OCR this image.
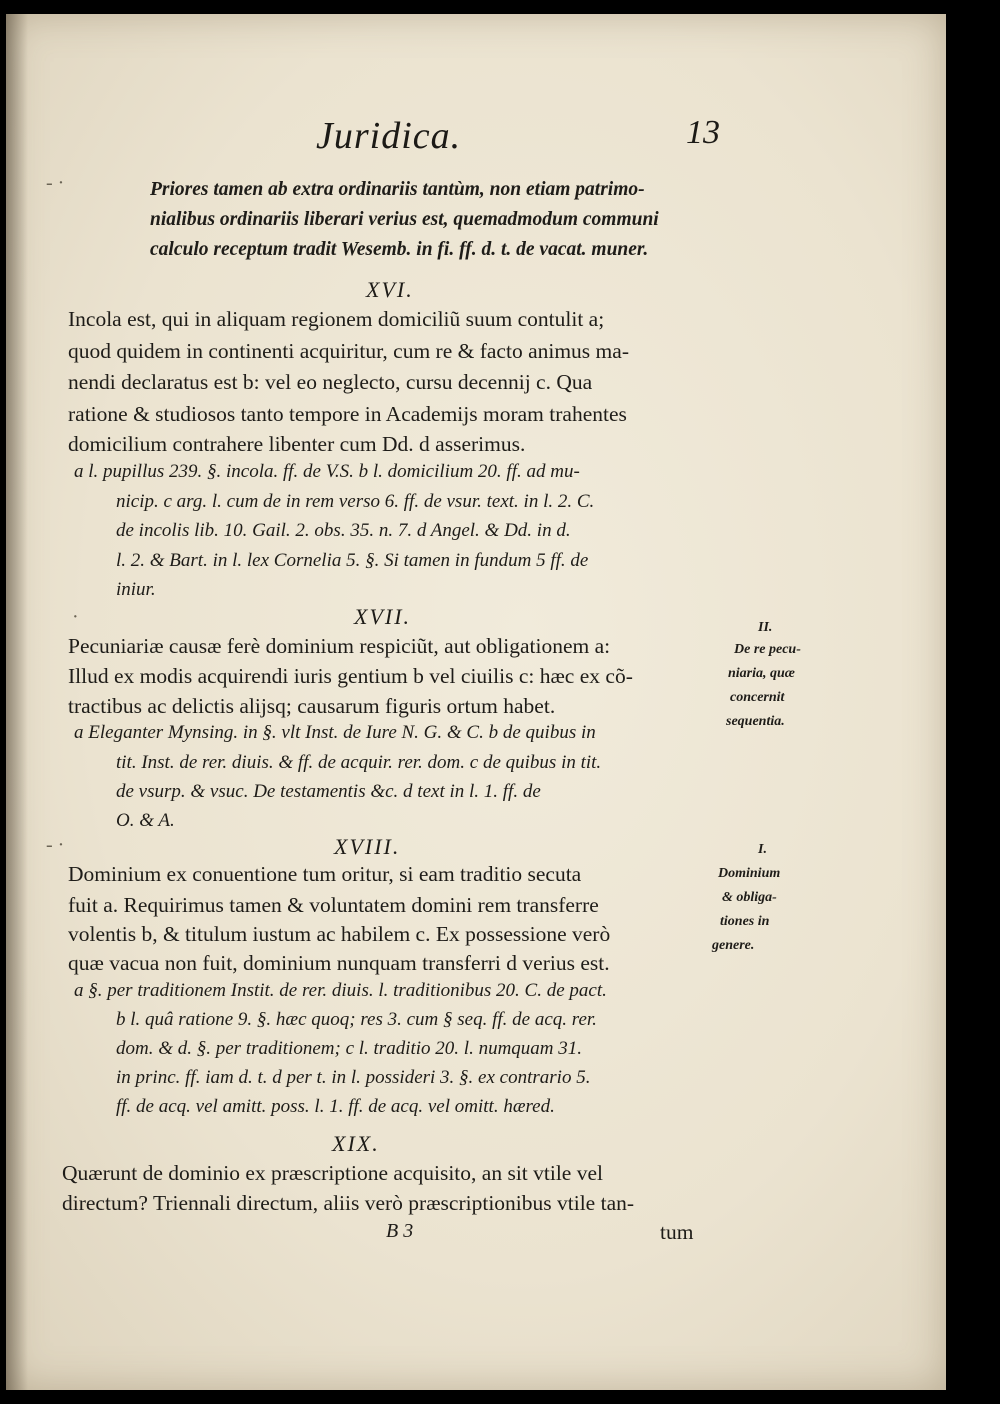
Juridica.	13
- ·	Priores tamen ab extra ordinariis tantùm, non etiam patrimo-
nialibus ordinariis liberari verius est, quemadmodum communi
calculo receptum tradit Wesemb. in fi. ff. d. t. de vacat. muner.
XVI.
Incola est, qui in aliquam regionem domiciliũ suum contulit a;
quod quidem in continenti acquiritur, cum re & facto animus ma-
nendi declaratus est b: vel eo neglecto, cursu decennij c. Qua
ratione & studiosos tanto tempore in Academijs moram trahentes
domicilium contrahere libenter cum Dd. d asserimus.
a l. pupillus 239. §. incola. ff. de V.S. b l. domicilium 20. ff. ad mu-
nicip. c arg. l. cum de in rem verso 6. ff. de vsur. text. in l. 2. C.
de incolis lib. 10. Gail. 2. obs. 35. n. 7. d Angel. & Dd. in d.
l. 2. & Bart. in l. lex Cornelia 5. §. Si tamen in fundum 5 ff. de
iniur.
·	XVII.
Pecuniariæ causæ ferè dominium respiciũt, aut obligationem a:
Illud ex modis acquirendi iuris gentium b vel ciuilis c: hæc ex cõ-
tractibus ac delictis alijsq; causarum figuris ortum habet.
a Eleganter Mynsing. in §. vlt Inst. de Iure N. G. & C. b de quibus in
tit. Inst. de rer. diuis. & ff. de acquir. rer. dom. c de quibus in tit.
de vsurp. & vsuc. De testamentis &c. d text in l. 1. ff. de
O. & A.
II.
De re pecu-
niaria, quæ
concernit
sequentia.
- ·	XVIII.
Dominium ex conuentione tum oritur, si eam traditio secuta
fuit a. Requirimus tamen & voluntatem domini rem transferre
volentis b, & titulum iustum ac habilem c. Ex possessione verò
quæ vacua non fuit, dominium nunquam transferri d verius est.
a §. per traditionem Instit. de rer. diuis. l. traditionibus 20. C. de pact.
b l. quâ ratione 9. §. hæc quoq; res 3. cum § seq. ff. de acq. rer.
dom. & d. §. per traditionem; c l. traditio 20. l. numquam 31.
in princ. ff. iam d. t. d per t. in l. possideri 3. §. ex contrario 5.
ff. de acq. vel amitt. poss. l. 1. ff. de acq. vel omitt. hæred.
I.
Dominium
& obliga-
tiones in
genere.
XIX.
Quærunt de dominio ex præscriptione acquisito, an sit vtile vel
directum? Triennali directum, aliis verò præscriptionibus vtile tan-
B 3	tum
